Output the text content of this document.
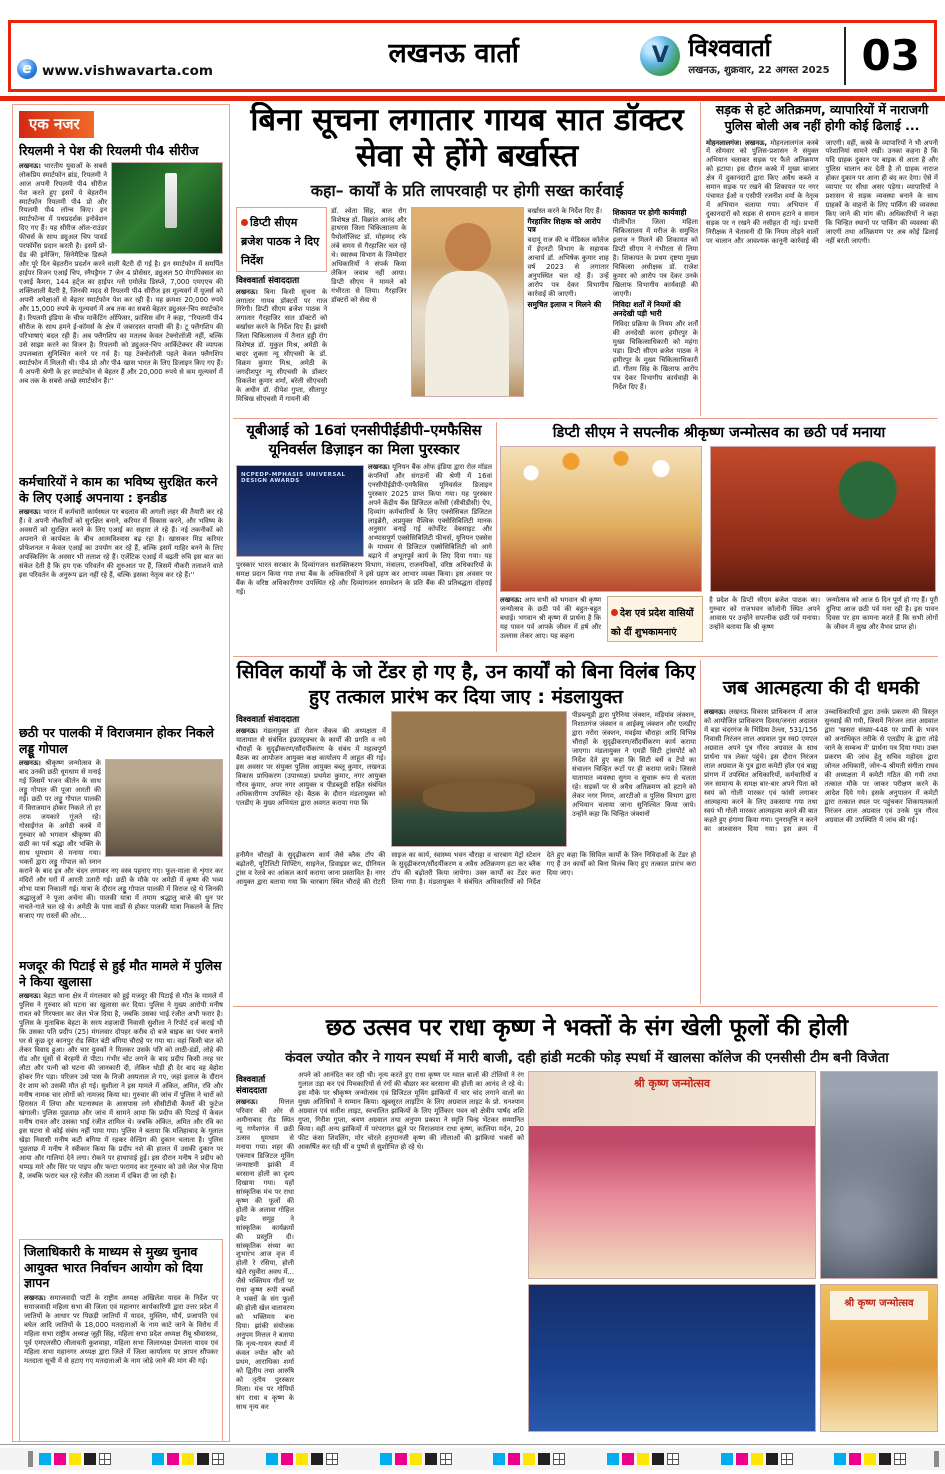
e www.vishwavarta.com
लखनऊ वार्ता	V विश्ववार्ता
लखनऊ, शुक्रवार, 22 अगस्त 2025 03
एक नजर
रियलमी ने पेश की रियलमी पी4 सीरीज

लखनऊ। भारतीय युवाओं के सबसे लोकप्रिय स्मार्टफोन ब्रांड, रियलमी ने आज अपनी रियलमी पी4 सीरीज पेश करते हुए इसमें ये बेहतरीन स्मार्टफोन रियलमी पी4 प्रो और रियलमी पी4 लॉन्च किए। इन स्मार्टफोन्स में पथप्रदर्शक इनोवेशन दिए गए हैं। यह सीरीज ऑल-राउंडर फीचर्स के साथ ड्युअल चिप पावर्ड परफॉर्मेंस प्रदान करती है। इसमें प्रो-ग्रेड की इमेजिंग, सिनेमैटिक डिस्प्ले और पूरे दिन बेहतरीन प्रदर्शन करने वाली बैटरी दी गई है। इन स्मार्टफोन में समर्पित हाईपर विजन एआई चिप, स्नैपड्रैगन 7 जेन 4 प्रोसेसर, ड्युअल 50 मेगापिक्सल का एआई कैमरा, 144 हर्ट्ज का हाईपर ग्लो एमोलेड डिस्प्ले, 7,000 एमएएच की शक्तिशाली बैटरी है, जिनकी मदद से रियलमी पी4 सीरीज इस मूल्यवर्ग में यूजर्स को अपनी अपेक्षाओं से बेहतर स्मार्टफोन पेश कर रही है। यह क्रमशः 20,000 रुपये और 15,000 रुपये के मूल्यवर्ग में अब तक का सबसे बेहतर ड्युअल-चिप स्मार्टफोन है। रियलमी इंडिया के चीफ मार्केटिंग ऑफिसर, फ्रांसिस वोंग ने कहा, ''रियलमी पी4 सीरीज के साथ हमने ई-कॉमर्स के क्षेत्र में जबरदस्त वापसी की है। टू फ्लैगशिप की परिभाषाएं बदल रही हैं। अब फ्लैगशिप का मतलब केवल टेक्नोलॉजी नहीं, बल्कि उसे साझा करने का विजन है। रियलमी को ड्युअल-चिप आर्किटेक्चर की व्यापक उपलब्धता सुनिश्चित करने पर गर्व है। यह टेक्नोलॉजी पहले केवल फ्लैगशिप स्मार्टफोन में मिलती थी। पी4 प्रो और पी4 खास भारत के लिए डिजाइन किए गए हैं। ये अपनी श्रेणी के हर स्मार्टफोन से बेहतर हैं और 20,000 रुपये से कम मूल्यवर्ग में अब तक के सबसे अच्छे स्मार्टफोन हैं।''

कर्मचारियों ने काम का भविष्य सुरक्षित करने के लिए एआई अपनाया : इनडीड

लखनऊ। भारत में कर्मचारी कार्यस्थल पर बदलाव की अगली लहर की तैयारी कर रहे हैं। वे अपनी नौकरियों को सुरक्षित बनाने, करियर में विकास करने, और भविष्य के अवसरों को सुरक्षित करने के लिए एआई का सहारा ले रहे हैं। नई तकनीकों को अपनाने से कार्यबल के बीच आत्मविश्वास बढ़ रहा है। खासकर मिड करियर प्रोफेशनल न केवल एआई का उपयोग कर रहे हैं, बल्कि इसमें माहिर बनने के लिए अपस्किलिंग के अवसर भी तलाश रहे हैं। एजेंटिक एआई में बढ़ती रुचि इस बात का संकेत देती है कि हम एक परिवर्तन की शुरुआत पर हैं, जिसमें नौकरी तलाशने वाले इस परिवर्तन के अनुरूप ढल नहीं रहे हैं, बल्कि इसका नेतृत्व कर रहे हैं।''

छठी पर पालकी में विराजमान होकर निकले लड्डू गोपाल

लखनऊ। श्रीकृष्ण जन्मोत्सव के बाद उनकी छठी धूमधाम से मनाई गई जिसमें भजन कीर्तन के साथ लड्डू गोपाल की पूजा आरती की गई। छठी पर लड्डू गोपाल पालकी में विराजमान होकर निकले तो हर तरफ जयकारे गूंजते रहे। गोसाईंगंज के अमेठी कस्बे में गुरुवार को भगवान श्रीकृष्ण की छठी का पर्व श्रद्धा और भक्ति के साथ धूमधाम से मनाया गया। भक्तों द्वारा लड्डू गोपाल को स्नान कराने के बाद इत्र और चंदन लगाकर नए वस्त्र पहनाए गए। फूल-माला से शृंगार कर मंदिरों और घरों में आरती उतारी गई। छठी के मौके पर अमेठी में कृष्ण की भव्य शोभा यात्रा निकाली गई। यात्रा के दौरान लड्डू गोपाल पालकी में विराज रहे थे जिनकी श्रद्धालुओं ने पूजा अर्चना की। पालकी यात्रा में तमाम श्रद्धालु बाजे की धुन पर नाचते-गाते चल रहे थे। अमेठी के पास वार्डों से होकर पालकी यात्रा निकलने के लिए सजाए गए रास्तों की ओर...

मजदूर की पिटाई से हुई मौत मामले में पुलिस ने किया खुलासा

लखनऊ। बेहटा थाना क्षेत्र में मंगलवार को हुई मजदूर की पिटाई से मौत के मामले में पुलिस ने गुरुवार को घटना का खुलासा कर दिया। पुलिस ने मुख्य आरोपी मनीष रावत को गिरफ्तार कर जेल भेज दिया है, जबकि उसका भाई रंजीत अभी फरार है। पुलिस के मुताबिक बेहटा के सरय शहजादी निवासी सुशीला ने रिपोर्ट दर्ज कराई थी कि उसका पति प्रदीप (25) मंगलवार दोपहर करीब दो बजे बाइक का पंचर बनाने घर से कुछ दूर कानपुर रोड स्थित बंटी बगिया चौराहे पर गया था। वहां किसी बात को लेकर विवाद हुआ। और चार युवकों ने मिलकर उसके पति को लाठी-डंडों, लोहे की रॉड और घूंसों से बेरहमी से पीटा। गंभीर चोट लगने के बाद प्रदीप किसी तरह घर लौटा और पत्नी को घटना की जानकारी दी, लेकिन थोड़ी ही देर बाद वह बेहोश होकर गिर पड़ा। परिजन उसे पास के निजी अस्पताल ले गए, जहां इलाज के दौरान देर शाम को उसकी मौत हो गई। सुशीला ने इस मामले में अंकित, अमित, रवि और मनीष नामक चार लोगों को नामजद किया था। गुरुवार की जांच में पुलिस ने चारों को हिरासत में लिया और घटनास्थल के आसपास लगे सीसीटीवी कैमरों की फुटेज खंगाली। पुलिस पूछताछ और जांच में सामने आया कि प्रदीप की पिटाई में केवल मनीष रावत और उसका भाई रंजीत शामिल थे। जबकि अंकित, अमित और रवि का इस घटना से कोई संबंध नहीं पाया गया। पुलिस ने बताया कि मलिहाबाद के गूलाल खेड़ा निवासी मनीष कटी बगिया में रहकर वेल्डिंग की दुकान चलाता है। पुलिस पूछताछ में मनीष ने स्वीकार किया कि प्रदीप नशे की हालत में उसकी दुकान पर आया और गालियां देने लगा। रोकने पर हाथापाई हुई। इस दौरान मनीष ने प्रदीप को थप्पड़ मारे और सिर पर पाइप और फन्टा फरामद कर गुरुवार को उसे जेल भेज दिया है, जबकि फरार चल रहे रंजीत की तलाश में दबिश दी जा रही है।

जिलाधिकारी के माध्यम से मुख्य चुनाव आयुक्त भारत निर्वाचन आयोग को दिया ज्ञापन

लखनऊ। समाजवादी पार्टी के राष्ट्रीय अध्यक्ष अखिलेश यादव के निर्देश पर समाजवादी महिला सभा की जिला एवं महानगर कार्यकारिणी द्वारा उत्तर प्रदेश में जातियों के आधार पर पिछड़ी जातियों में यादव, मुस्लिम, मौर्य, प्रजापति एवं बघेल आदि जातियों के 18,000 मतदाताओं के नाम काटे जाने के विरोध में महिला सभा राष्ट्रीय अध्यक्ष जूही सिंह, महिला सभा प्रदेश अध्यक्ष रीबू श्रीवास्तव, पूर्व एमएलसी0 लीलावती कुशवाहा, महिला सभा जिलाध्यक्ष प्रेमलता यादव एवं महिला सभा महानगर अध्यक्ष द्वारा जिले में जिला कार्यालय पर ज्ञापन सौंपकर मतदाता सूची में से हटाए गए मतदाताओं के नाम जोड़े जाने की मांग की गई।

बिना सूचना लगातार गायब सात डॉक्टर सेवा से होंगे बर्खास्त
कहा– कार्यों के प्रति लापरवाही पर होगी सख्त कार्रवाई
डिप्टी सीएम ब्रजेश पाठक ने दिए निर्देश
विश्ववार्ता संवाददाता

लखनऊ। बिना किसी सूचना के लगातार गायब डॉक्टरों पर गाज गिरेगी। डिप्टी सीएम ब्रजेश पाठक ने लगातार गैरहाजिर सात डॉक्टरों को बर्खास्त करने के निर्देश दिए हैं। झांसी जिला चिकित्सालय में तैनात हड्डी रोग विशेषज्ञ डॉ. मुकुल मिश्र, अमेठी के बादर शुक्ला न्यू सीएचसी के डॉ. विक्रम कुमार मिश्र, अमेठी के जगदीशपुर न्यू सीएचसी के डॉक्टर विकलेश कुमार शर्मा, बरेली सीएचसी के अधीन डॉ. दीपेश गुप्ता, सीतापुर मिश्रिख सीएचसी में गायनी की

डॉ. श्वेता सिंह, बाल रोग विशेषज्ञ डॉ. विक्रांत आनंद और हाथरस जिला चिकित्सालय के पैथोलॉजिस्ट डॉ. मोहम्मद रफे लंबे समय से गैरहाजिर चल रहे थे। स्वास्थ्य विभाग के जिम्मेदार अधिकारियों ने संपर्क किया लेकिन जवाब नहीं आया। डिप्टी सीएम ने मामले को गंभीरता से लिया। गैरहाजिर डॉक्टरों को सेवा से

बर्खास्त करने के निर्देश दिए हैं।

गैरहाजिर शिक्षक को आरोप पत्र

बदायूं राज की ब मेडिकल कॉलेज में ईएनटी विभाग के सहायक आचार्य डॉ. अभिषेक कुमार शाह वर्ष 2023 से लगातार अनुपस्थित चल रहे हैं। उन्हें आरोप पत्र देकर विभागीय कार्रवाई की जाएगी।

समुचित इलाज न मिलने की
शिकायत पर होगी कार्यवाही

पीलीभीत जिला महिला चिकित्सालय में मरीज के समुचित इलाज न मिलने की शिकायत को डिप्टी सीएम ने गंभीरता से लिया है। शिकायत के प्रथम दृष्टया मुख्य चिकित्सा अधीक्षक डॉ. राजेश कुमार को आरोप पत्र देकर उनके खिलाफ विभागीय कार्यवाही की जाएगी।

निविदा शर्तों में नियमों की अनदेखी पड़ी भारी

निविदा प्रक्रिया के नियम और शर्तों की अनदेखी करना हमीरपुर के मुख्य चिकित्साधिकारी को महंगा पड़ा। डिप्टी सीएम ब्रजेश पाठक ने हमीरपुर के मुख्य चिकित्साधिकारी डॉ. गीतम सिंह के खिलाफ आरोप पत्र देकर विभागीय कार्यवाही के निर्देश दिए हैं।

सड़क से हटे अतिक्रमण, व्यापारियों में नाराजगी पुलिस बोली अब नहीं होगी कोई ढिलाई ...

मोहनलालगंज। लखनऊ, मोहनलालगंज कस्बे में सोमवार को पुलिस-प्रशासन ने संयुक्त अभियान चलाकर सड़क पर फैले अतिक्रमण को हटाया। इस दौरान कस्बे में मुख्य बाजार क्षेत्र में दुकानदारों द्वारा किए अवैध कब्जे व समान सड़क पर रखने की शिकायत पर नगर पंचायत ईओ व एसीपी रजनीश वर्मा के नेतृत्व में अभियान चलाया गया। अभियान में दुकानदारों को सड़क से समान हटाने व समान सड़क पर न रखने की नसीहत दी गई। प्रभारी निरीक्षक ने चेतावनी दी कि नियम तोड़ने वालों पर चालान और आवश्यक कानूनी कार्रवाई की जाएगी। वहीं, कस्बे के व्यापारियों ने भी अपनी परेशानियां सामने रखीं। उनका कहना है कि यदि ग्राहक दुकान पर बाइक से आता है और पुलिस चालान कर देती है तो ग्राहक नाराज होकर दुकान पर आना ही बंद कर देगा। ऐसे में व्यापार पर सीधा असर पड़ेगा। व्यापारियों ने प्रशासन से सड़क व्यवस्था बनाने के साथ ग्राहकों के वाहनों के लिए पार्किंग की व्यवस्था किए जाने की मांग की। अधिकारियों ने कहा कि चिन्हित स्थानों पर पार्किंग की व्यवस्था की जाएगी तथा अतिक्रमण पर अब कोई ढिलाई नहीं बरती जाएगी।

यूबीआई को 16वां एनसीपीईडीपी–एमफैसिस यूनिवर्सल डिज़ाइन का मिला पुरस्कार
NCPEDP-MPHASIS UNIVERSAL DESIGN AWARDS

लखनऊ। यूनियन बैंक ऑफ इंडिया द्वारा रोल मॉडल कंपनियों और संगठनों की श्रेणी में 16वां एनसीपीईडीपी-एमफैसिस यूनिवर्सल डिजाइन पुरस्कार 2025 प्राप्त किया गया। यह पुरस्कार अपने केंद्रीय बैंक डिजिटल करेंसी (सीबीडीसी) ऐप, दिव्यांग कर्मचारियों के लिए एक्सेसिबल डिजिटल लाइब्रेरी, अप्रयुक्त वैश्विक एक्सेसिबिलिटी मानक अनुसार बनाई गई कॉर्पोरेट वेबसाइट और अभ्यासपूर्ण एक्सेसिबिलिटी फीचर्स, यूनियन एक्सेस के माध्यम से डिजिटल एक्सेसिबिलिटी को आगे बढ़ाने में अभूतपूर्व कार्य के लिए दिया गया। यह पुरस्कार भारत सरकार के दिव्यांगजन सशक्तिकरण विभाग, मंत्रालय, राजनयिकों, वरिष्ठ अधिकारियों के समक्ष प्रदान किया गया तथा बैंक के अधिकारियों ने इसे ग्रहण कर आभार व्यक्त किया। इस अवसर पर बैंक के वरिष्ठ अधिकारीगण उपस्थित रहे और दिव्यांगजन समावेशन के प्रति बैंक की प्रतिबद्धता दोहराई गई।

डिप्टी सीएम ने सपत्नीक श्रीकृष्ण जन्मोत्सव का छठी पर्व मनाया

लखनऊ: आप सभी को भगवान श्री कृष्ण जन्मोत्सव के छठी पर्व की बहुत-बहुत बधाई। भगवान श्री कृष्ण से प्रार्थना है कि यह पावन पर्व आपके जीवन में हर्ष और उल्लास लेकर आए। यह कहना

देश एवं प्रदेश वासियों को दीं शुभकामनाएं

है प्रदेश के डिप्टी सीएम ब्रजेश पाठक का। गुरुवार को राजभवन कॉलोनी स्थित अपने आवास पर उन्होंने सपत्नीक छठी पर्व मनाया। उन्होंने बताया कि श्री कृष्ण

जन्मोत्सव को आज 6 दिन पूर्ण हो गए हैं। पूरी दुनिया आज छठी पर्व मना रही है। इस पावन दिवस पर हम कामना करते हैं कि सभी लोगों के जीवन में सुख और वैभव प्राप्त हो।

सिविल कार्यों के जो टेंडर हो गए है, उन कार्यों को बिना विलंब किए हुए तत्काल प्रारंभ कर दिया जाए : मंडलायुक्त
विश्ववार्ता संवाददाता

लखनऊ। मंडलायुक्त डॉ रोशन जैकब की अध्यक्षता में यातायात से संबंधित इंफ्रास्ट्रक्चर के कार्यों की प्रगति व नये चौराहों के सुदृढ़ीकरण/सौंदर्यीकरण के संबंध में महत्वपूर्ण बैठक का आयोजन आयुक्त कक्ष कार्यालय में आहूत की गई। इस अवसर पर संयुक्त पुलिस आयुक्त बब्लू कुमार, लखनऊ विकास प्राधिकरण (उपाध्यक्ष) प्रथमेश कुमार, नगर आयुक्त गौरव कुमार, अपर नगर आयुक्त व पीडब्लूडी सहित संबंधित अधिकारीगण उपस्थित रहे। बैठक के दौरान मंडलायुक्त को एलडीए के मुख्य अभियंता द्वारा अवगत कराया गया कि

पीडब्ल्यूडी द्वारा पुरैनिया जंक्शन, मड़ियांव जंक्शन, निशातगंज जंक्शन व आईक्यू जंक्शन और एलडीए द्वारा नरोरा जंक्शन, मवईया चौराहा आदि विभिन्न चौराहों के सुदृढ़ीकरण/सौंदर्यीकरण कार्य कराया जाएगा। मंडलायुक्त ने एमडी सिटी ट्रांसपोर्ट को निर्देश देते हुए कहा कि सिटी बसें व टेंपो का संचालन चिन्हित रूटों पर ही कराया जावे। जिससे यातायात व्यवस्था सुगम व सुचारू रूप से चलता रहे। सड़कों पर से अवैध अतिक्रमण को हटाने को लेकर नगर निगम, आरटीओ व पुलिस विभाग द्वारा अभियान चलाया जाना सुनिश्चित किया जाये। उन्होंने कहा कि चिन्हित जंक्शनों

हनीमैन चौराहों के सुदृढ़ीकरण कार्य जैसे ब्लैक टॉप की बढ़ोतरी, यूटिलिटी शिफ्टिंग, साइनेज, डिवाइडर कट, ग्रीनियल ट्रांस व रेलवे का आंकल कार्य कराया जाना प्रस्तावित है। नगर आयुक्त द्वारा बताया गया कि चारबाग स्थित चौराहे की रोटरी साइज का कार्य, स्वास्थ्य भवन चौराहा व चारबाग मेट्रो स्टेशन के सुदृढ़ीकरण/सौंदर्यीकरण व अवैध अतिक्रमण हटा कर ब्लैक टॉप की बढ़ोतरी किया जायेगा। उक्त कार्यों का टेंडर करा लिया गया है। मंडलायुक्त ने संबंधित अधिकारियों को निर्देश देते हुए कहा कि सिविल कार्यों के जिन निविदाओं के टेंडर हो गए हैं उन कार्यों को बिना विलंब किए हुए तत्काल प्रारंभ करा दिया जाए।

जब आत्महत्या की दी धमकी

लखनऊ। लखनऊ विकास प्राधिकरण में आज को आयोजित प्राधिकरण दिवस/जनता अदालत में बड़ा चंदरगंज के भिंडिया टेल्ला, 531/156 निवासी निरंजन लाल अग्रवाल पुत्र स्व0 एमएल अग्रवाल अपने पुत्र गौरव अग्रवाल के साथ प्रार्थना पत्र लेकर पहुंचे। इस दौरान निरंजन लाल अग्रवाल के पुत्र द्वारा कमेटी हॉल एवं बाह्य प्रांगण में उपस्थित अधिकारियों, कर्मचारियों व जन सामान्य के समक्ष बार-बार अपने पिता को स्वयं को गोली मारकर एवं फांसी लगाकर आत्महत्या करने के लिए उकसाया गया तथा स्वयं भी गोली मारकर आत्महत्या करने की बात कहते हुए हंगामा किया गया। पुनरावृत्ति न करने का आश्वासन दिया गया। इस क्रम में उच्चाधिकारियों द्वारा उनके प्रकरण की विस्तृत सुनवाई की गयी, जिसमें निरंजन लाल अग्रवाल द्वारा 'खसरा संख्या-448 पर प्रार्थी के भवन को अनाधिकृत तरीके से एलडीए के द्वारा तोड़े जाने के सम्बन्ध में' प्रार्थना पत्र दिया गया। उक्त प्रकरण की जांच हेतु सचिव महोदय द्वारा जोनल अधिकारी, जोन-4 श्रीमती संगीता राघव की अध्यक्षता में कमेटी गठित की गयी तथा तत्काल मौके पर जाकर परीक्षण करने के आदेश दिये गये। इसके अनुपालन में कमेटी द्वारा तत्काल स्थल पर पहुंचकर शिकायतकर्ता निरंजन लाल अग्रवाल एवं उनके पुत्र गौरव अग्रवाल की उपस्थिति में जांच की गई।

छठ उत्सव पर राधा कृष्ण ने भक्तों के संग खेली फूलों की होली
कंवल ज्योत कौर ने गायन स्पर्धा में मारी बाजी, दही हांडी मटकी फोड़ स्पर्धा में खालसा कॉलेज की एनसीसी टीम बनी विजेता
विश्ववार्ता संवाददाता

लखनऊ।	मित्तल परिवार की ओर से अमीनाबाद रोड स्थित न्यू गणेशगंज में छठी उत्सव धूमधाम से मनाया गया। शहर की एकमात्र डिजिटल मूविंग जन्माष्टमी झांकी में बरसाना होली का दृश्य दिखाया गया। यहाँ सांस्कृतिक मंच पर राधा कृष्ण की फूलों की होली के अलावा गोहिल इवेंट समूह ने सांस्कृतिक कार्यक्रमों की प्रस्तुति दी। सांस्कृतिक संध्या का शुभारंभ आज वृज में होली रे रसिया, होली खेले रघुवीरा अवध में... जैसे भक्तिमय गीतों पर राधा कृष्ण रूपी बच्चों ने भक्तों के संग फूलों की होली खेल वातावरण को भक्तिमय बना दिया। झांकी संयोजक अनुपम मित्तल ने बताया कि नृत्य-गायन स्पर्धा में कंवल ज्योत कौर को प्रथम, आराधिका शर्मा को द्वितीय तथा आरुषि को तृतीय पुरस्कार मिला। मंच पर गोपियों संग राधा व कृष्ण के साथ नृत्य कर

श्री कृष्ण जन्मोत्सव

अपने को आनंदित कर रही थी। नृत्य करते हुए राधा कृष्ण पर ग्वाल बालों की टोलियों ने रंग गुलाल उड़ा कर एवं पिचकारियों से रंगों की बौछार कर बरसाना की होली का आनंद ले रहे थे। इस मौके पर श्रीकृष्ण जन्मोत्सव एवं डिजिटल मूविंग झांकियों में चार चांद लगाने वालों का मुख्य अतिथियों ने सम्मान किया। खूबसूरत लाइटिंग के लिए अग्रवाल लाइट के प्रो. घनश्याम अग्रवाल एवं सतीश लाइट, स्वचालित झांकियों के लिए मूर्तिकार पवन को क्षेत्रीय पार्षद शशि गुप्ता, गिरीश गुप्ता, श्रवण अग्रवाल तथा अनुपम प्रकाश ने स्मृति चिन्ह भेंटकर सम्मानित किया। वहीं अन्य झांकियों में परंपरागत झूले पर विराजमान राधा कृष्ण, कालिया मर्दन, 20 फीट कंसा शिवलिंग, मोर चोरले हनुमानजी कृष्ण की लीलाओं की झांकियां भक्तों को आकर्षित कर रही थीं व पुष्पों से सुशोभित हो रहे थे।

श्री कृष्ण जन्मोत्सव
